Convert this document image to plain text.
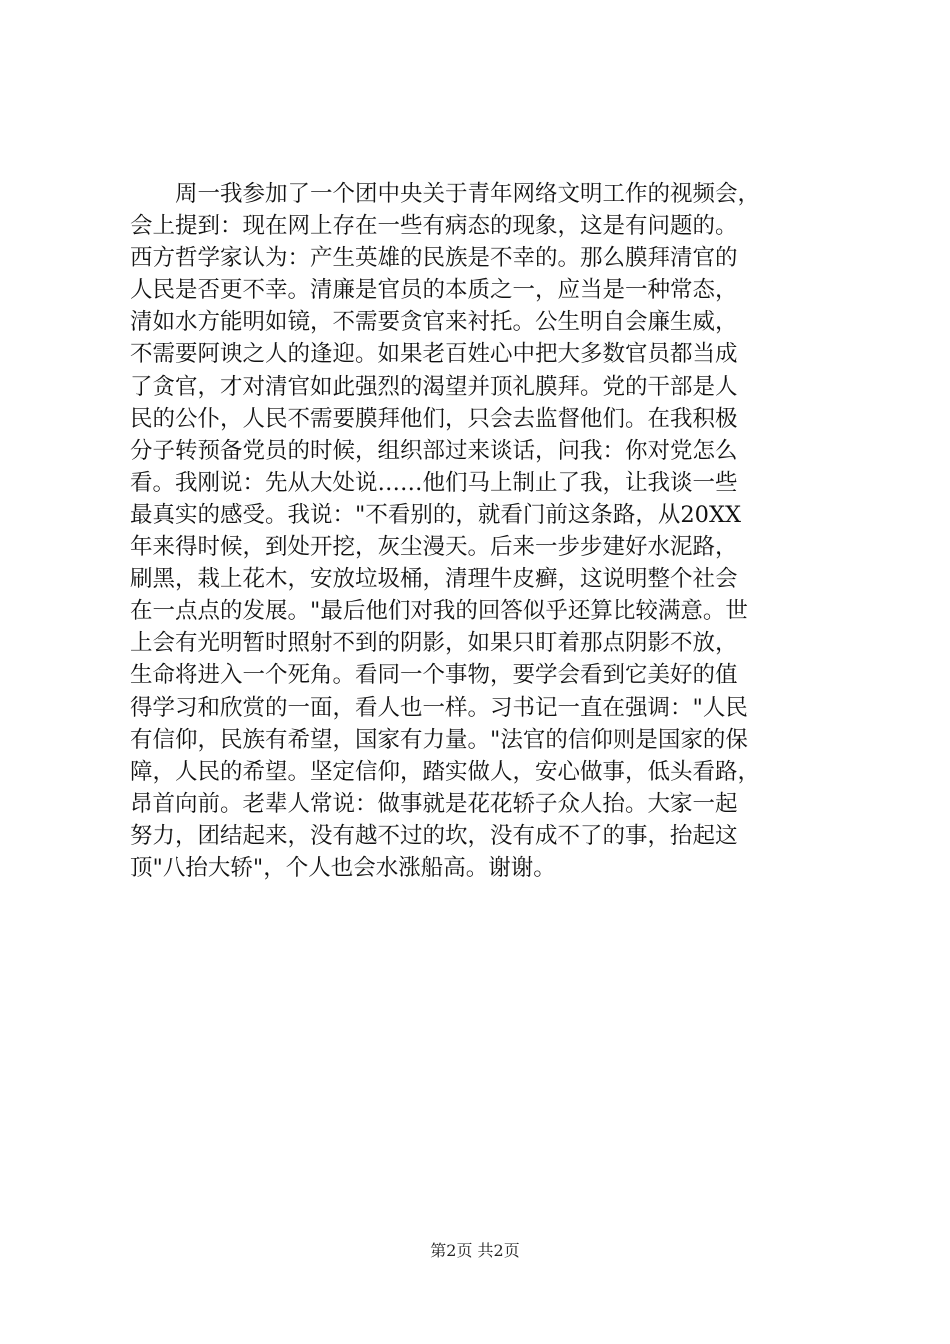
周一我参加了一个团中央关于青年网络文明工作的视频会，
会上提到：现在网上存在一些有病态的现象，这是有问题的。
西方哲学家认为：产生英雄的民族是不幸的。那么膜拜清官的
人民是否更不幸。清廉是官员的本质之一，应当是一种常态，
清如水方能明如镜，不需要贪官来衬托。公生明自会廉生威，
不需要阿谀之人的逢迎。如果老百姓心中把大多数官员都当成
了贪官，才对清官如此强烈的渴望并顶礼膜拜。党的干部是人
民的公仆，人民不需要膜拜他们，只会去监督他们。在我积极
分子转预备党员的时候，组织部过来谈话，问我：你对党怎么
看。我刚说：先从大处说……他们马上制止了我，让我谈一些
最真实的感受。我说："不看别的，就看门前这条路，从20XX
年来得时候，到处开挖，灰尘漫天。后来一步步建好水泥路，
刷黑，栽上花木，安放垃圾桶，清理牛皮癣，这说明整个社会
在一点点的发展。"最后他们对我的回答似乎还算比较满意。世
上会有光明暂时照射不到的阴影，如果只盯着那点阴影不放，
生命将进入一个死角。看同一个事物，要学会看到它美好的值
得学习和欣赏的一面，看人也一样。习书记一直在强调："人民
有信仰，民族有希望，国家有力量。"法官的信仰则是国家的保
障，人民的希望。坚定信仰，踏实做人，安心做事，低头看路，
昂首向前。老辈人常说：做事就是花花轿子众人抬。大家一起
努力，团结起来，没有越不过的坎，没有成不了的事，抬起这
顶"八抬大轿"，个人也会水涨船高。谢谢。

第2页 共2页
